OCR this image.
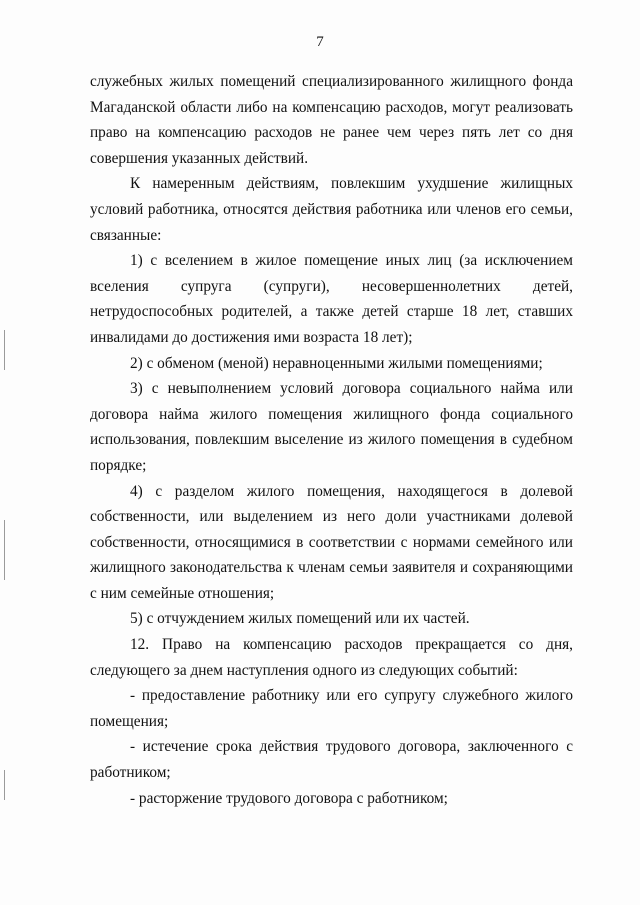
7

служебных жилых помещений специализированного жилищного фонда Магаданской области либо на компенсацию расходов, могут реализовать право на компенсацию расходов не ранее чем через пять лет со дня совершения указанных действий.

К намеренным действиям, повлекшим ухудшение жилищных условий работника, относятся действия работника или членов его семьи, связанные:

1) с вселением в жилое помещение иных лиц (за исключением вселения супруга (супруги), несовершеннолетних детей, нетрудоспособных родителей, а также детей старше 18 лет, ставших инвалидами до достижения ими возраста 18 лет);

2) с обменом (меной) неравноценными жилыми помещениями;

3) с невыполнением условий договора социального найма или договора найма жилого помещения жилищного фонда социального использования, повлекшим выселение из жилого помещения в судебном порядке;

4) с разделом жилого помещения, находящегося в долевой собственности, или выделением из него доли участниками долевой собственности, относящимися в соответствии с нормами семейного или жилищного законодательства к членам семьи заявителя и сохраняющими с ним семейные отношения;

5) с отчуждением жилых помещений или их частей.

12. Право на компенсацию расходов прекращается со дня, следующего за днем наступления одного из следующих событий:

- предоставление работнику или его супругу служебного жилого помещения;

- истечение срока действия трудового договора, заключенного с работником;

- расторжение трудового договора с работником;
